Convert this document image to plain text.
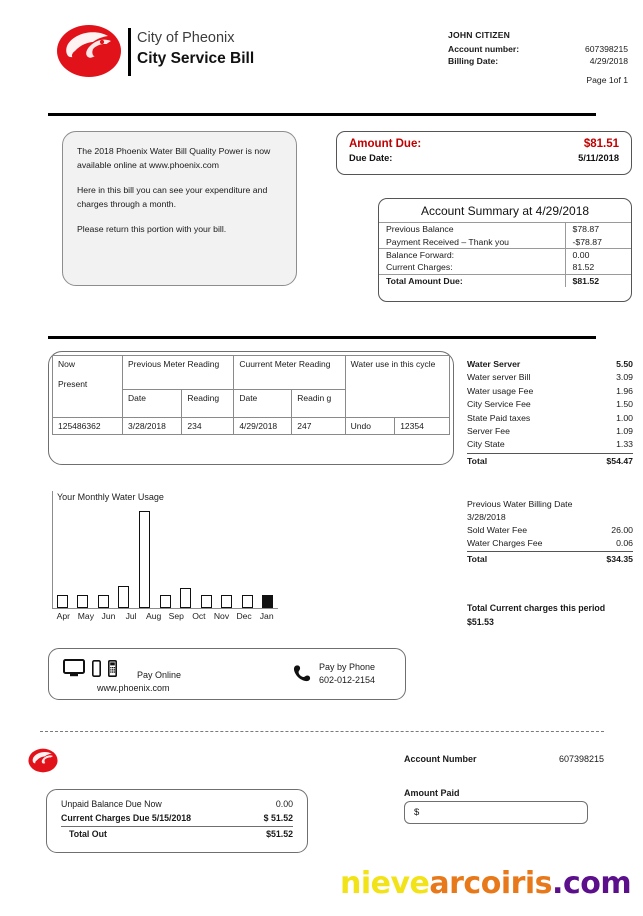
City of Pheonix
City Service Bill
JOHN CITIZEN
Account number:	607398215
Billing Date:	4/29/2018
Page 1of 1

The 2018 Phoenix Water Bill Quality Power is now available online at www.phoenix.com

Here in this bill you can see your expenditure and charges through a month.

Please return this portion with your bill.

Amount Due:	$81.51
Due Date:	5/11/2018
Account Summary at 4/29/2018
Previous Balance	$78.87
Payment Received – Thank you	-$78.87
Balance Forward:	0.00
Current Charges:	81.52
Total Amount Due:	$81.52
Now

Present	Previous Meter Reading		Cuurrent Meter Reading		Water use in this cycle	
	Date	Reading	Date	Readin g		
125486362	3/28/2018	234	4/29/2018	247	Undo	12354
Water Server	5.50
Water server Bill	3.09
Water usage Fee	1.96
City Service Fee	1.50
State Paid taxes	1.00
Server Fee	1.09
City State	1.33
Total	$54.47
Previous Water Billing Date
3/28/2018
Sold Water Fee	26.00
Water Charges Fee	0.06
Total	$34.35
Total Current charges this period
$51.53
Your Monthly Water Usage
Apr May Jun	Jul	Aug Sep Oct Nov Dec Jan
Pay Online
www.phoenix.com
Pay by Phone
602-012-2154
Unpaid Balance Due Now	0.00
Current Charges Due 5/15/2018	$ 51.52
Total Out	$51.52
Account Number	607398215
Amount Paid
$
nievearcoiris.com
